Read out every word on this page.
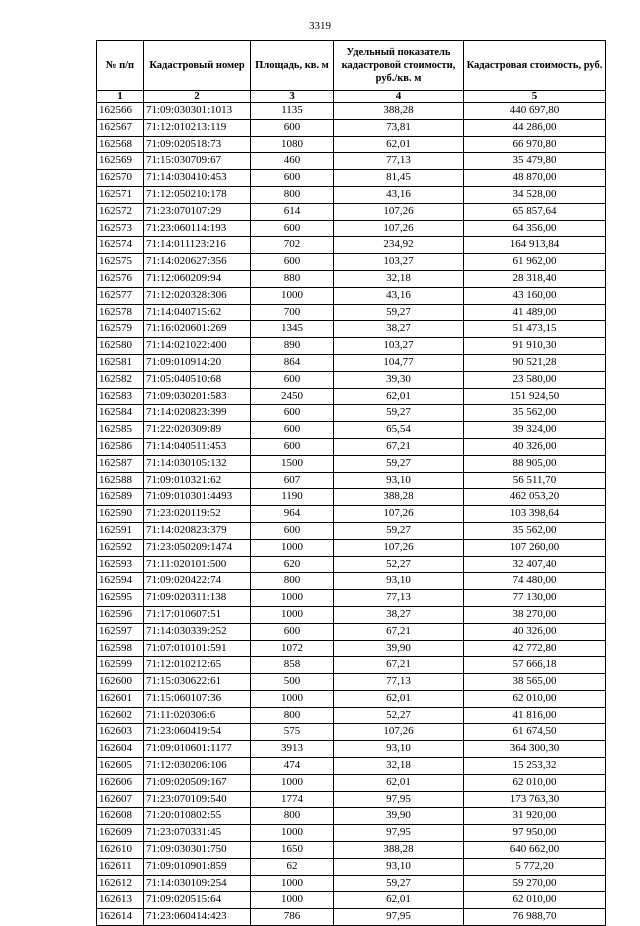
3319
№ п/п	Кадастровый номер	Площадь, кв. м	Удельный показатель кадастровой стоимости, руб./кв. м	Кадастровая стоимость, руб.
1	2	3	4	5
162566	71:09:030301:1013	1135	388,28	440 697,80
162567	71:12:010213:119	600	73,81	44 286,00
162568	71:09:020518:73	1080	62,01	66 970,80
162569	71:15:030709:67	460	77,13	35 479,80
162570	71:14:030410:453	600	81,45	48 870,00
162571	71:12:050210:178	800	43,16	34 528,00
162572	71:23:070107:29	614	107,26	65 857,64
162573	71:23:060114:193	600	107,26	64 356,00
162574	71:14:011123:216	702	234,92	164 913,84
162575	71:14:020627:356	600	103,27	61 962,00
162576	71:12:060209:94	880	32,18	28 318,40
162577	71:12:020328:306	1000	43,16	43 160,00
162578	71:14:040715:62	700	59,27	41 489,00
162579	71:16:020601:269	1345	38,27	51 473,15
162580	71:14:021022:400	890	103,27	91 910,30
162581	71:09:010914:20	864	104,77	90 521,28
162582	71:05:040510:68	600	39,30	23 580,00
162583	71:09:030201:583	2450	62,01	151 924,50
162584	71:14:020823:399	600	59,27	35 562,00
162585	71:22:020309:89	600	65,54	39 324,00
162586	71:14:040511:453	600	67,21	40 326,00
162587	71:14:030105:132	1500	59,27	88 905,00
162588	71:09:010321:62	607	93,10	56 511,70
162589	71:09:010301:4493	1190	388,28	462 053,20
162590	71:23:020119:52	964	107,26	103 398,64
162591	71:14:020823:379	600	59,27	35 562,00
162592	71:23:050209:1474	1000	107,26	107 260,00
162593	71:11:020101:500	620	52,27	32 407,40
162594	71:09:020422:74	800	93,10	74 480,00
162595	71:09:020311:138	1000	77,13	77 130,00
162596	71:17:010607:51	1000	38,27	38 270,00
162597	71:14:030339:252	600	67,21	40 326,00
162598	71:07:010101:591	1072	39,90	42 772,80
162599	71:12:010212:65	858	67,21	57 666,18
162600	71:15:030622:61	500	77,13	38 565,00
162601	71:15:060107:36	1000	62,01	62 010,00
162602	71:11:020306:6	800	52,27	41 816,00
162603	71:23:060419:54	575	107,26	61 674,50
162604	71:09:010601:1177	3913	93,10	364 300,30
162605	71:12:030206:106	474	32,18	15 253,32
162606	71:09:020509:167	1000	62,01	62 010,00
162607	71:23:070109:540	1774	97,95	173 763,30
162608	71:20:010802:55	800	39,90	31 920,00
162609	71:23:070331:45	1000	97,95	97 950,00
162610	71:09:030301:750	1650	388,28	640 662,00
162611	71:09:010901:859	62	93,10	5 772,20
162612	71:14:030109:254	1000	59,27	59 270,00
162613	71:09:020515:64	1000	62,01	62 010,00
162614	71:23:060414:423	786	97,95	76 988,70
